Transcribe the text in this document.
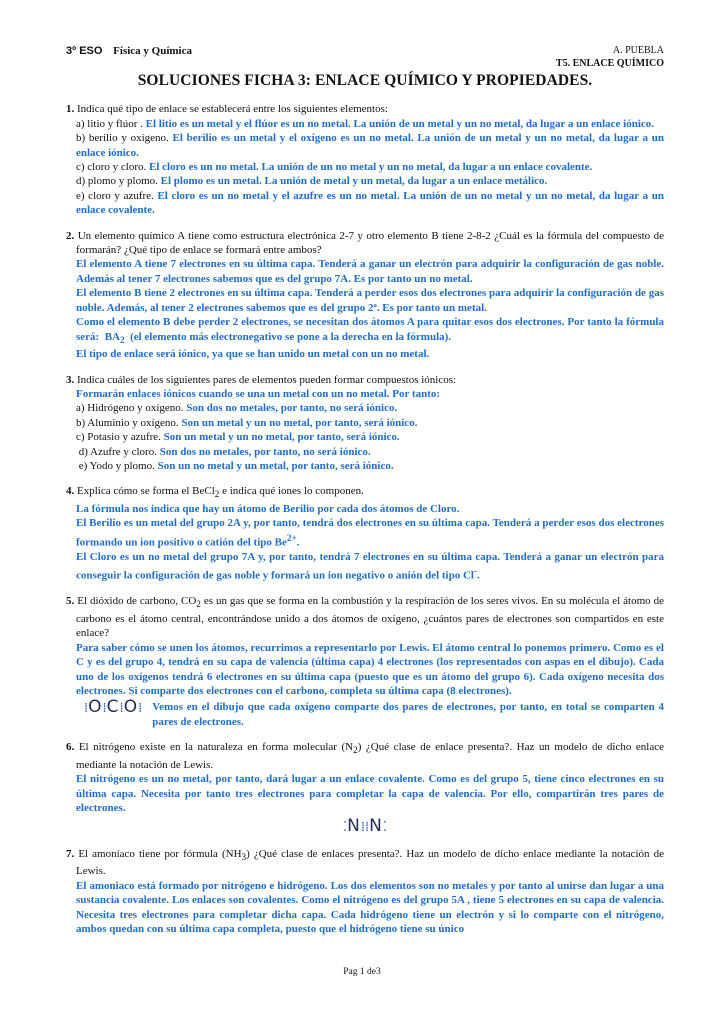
3º ESO Física y Química	A. PUEBLA
T5. ENLACE QUÍMICO
SOLUCIONES FICHA 3: ENLACE QUÍMICO Y PROPIEDADES.
1. Indica qué tipo de enlace se establecerá entre los siguientes elementos:
a) litio y flúor . El litio es un metal y el flúor es un no metal. La unión de un metal y un no metal, da lugar a un enlace iónico.
b) berilio y oxígeno. El berilio es un metal y el oxígeno es un no metal. La unión de un metal y un no metal, da lugar a un enlace iónico.
c) cloro y cloro. El cloro es un no metal. La unión de un no metal y un no metal, da lugar a un enlace covalente.
d) plomo y plomo. El plomo es un metal. La unión de metal y un metal, da lugar a un enlace metálico.
e) cloro y azufre. El cloro es un no metal y el azufre es un no metal. La unión de un no metal y un no metal, da lugar a un enlace covalente.
2. Un elemento químico A tiene como estructura electrónica 2-7 y otro elemento B tiene 2-8-2 ¿Cuál es la fórmula del compuesto de formarán? ¿Qué tipo de enlace se formará entre ambos?
El elemento A tiene 7 electrones en su última capa. Tenderá a ganar un electrón para adquirir la configuración de gas noble. Además al tener 7 electrones sabemos que es del grupo 7A. Es por tanto un no metal.
El elemento B tiene 2 electrones en su última capa. Tenderá a perder esos dos electrones para adquirir la configuración de gas noble. Además, al tener 2 electrones sabemos que es del grupo 2ª. Es por tanto un metal.
Como el elemento B debe perder 2 electrones, se necesitan dos átomos A para quitar esos dos electrones. Por tanto la fórmula será: $BA_2$ (el elemento más electronegativo se pone a la derecha en la fórmula).
El tipo de enlace será iónico, ya que se han unido un metal con un no metal.
3. Indica cuáles de los siguientes pares de elementos pueden formar compuestos iónicos:
Formarán enlaces iónicos cuando se una un metal con un no metal. Por tanto:
a) Hidrógeno y oxígeno. Son dos no metales, por tanto, no será iónico.
b) Aluminio y oxígeno. Son un metal y un no metal, por tanto, será iónico.
c) Potasio y azufre. Son un metal y un no metal, por tanto, será iónico.
d) Azufre y cloro. Son dos no metales, por tanto, no será iónico.
e) Yodo y plomo. Son un no metal y un metal, por tanto, será iónico.
4. Explica cómo se forma el BeCl$_2$ e indica qué iones lo componen.
La fórmula nos indica que hay un átomo de Berilio por cada dos átomos de Cloro.
El Berilio es un metal del grupo 2A y, por tanto, tendrá dos electrones en su última capa. Tenderá a perder esos dos electrones formando un ion positivo o catión del tipo $Be^{2+}$.
El Cloro es un no metal del grupo 7A y, por tanto, tendrá 7 electrones en su última capa. Tenderá a ganar un electrón para conseguir la configuración de gas noble y formará un ion negativo o anión del tipo Cl-.
5. El dióxido de carbono, $CO_2$ es un gas que se forma en la combustión y la respiración de los seres vivos. En su molécula el átomo de carbono es el átomo central, encontrándose unido a dos átomos de oxígeno, ¿cuántos pares de electrones son compartidos en este enlace?
Para saber cómo se unen los átomos, recurrimos a representarlo por Lewis. El átomo central lo ponemos primero. Como es el C y es del grupo 4, tendrá en su capa de valencia (última capa) 4 electrones (los representados con aspas en el dibujo). Cada uno de los oxígenos tendrá 6 electrones en su última capa (puesto que es un átomo del grupo 6). Cada oxígeno necesita dos electrones. Si comparte dos electrones con el carbono, completa su última capa (8 electrones).
⁞O⁞C⁞O⁞ Vemos en el dibujo que cada oxígeno comparte dos pares de electrones, por tanto, en total se comparten 4 pares de electrones.
6. El nitrógeno existe en la naturaleza en forma molecular $(N_2)$ ¿Qué clase de enlace presenta?. Haz un modelo de dicho enlace mediante la notación de Lewis.
El nitrógeno es un no metal, por tanto, dará lugar a un enlace covalente. Como es del grupo 5, tiene cinco electrones en su última capa. Necesita por tanto tres electrones para completar la capa de valencia. Por ello, compartirán tres pares de electrones.
⁚N⁞⁞N⁚
7. El amoníaco tiene por fórmula $(NH_3)$ ¿Qué clase de enlaces presenta?. Haz un modelo de dicho enlace mediante la notación de Lewis.
El amoniaco está formado por nitrógeno e hidrógeno. Los dos elementos son no metales y por tanto al unirse dan lugar a una sustancia covalente. Los enlaces son covalentes. Como el nitrógeno es del grupo 5A , tiene 5 electrones en su capa de valencia. Necesita tres electrones para completar dicha capa. Cada hidrógeno tiene un electrón y si lo comparte con el nitrógeno, ambos quedan con su última capa completa, puesto que el hidrógeno tiene su único
Pag 1 de3
